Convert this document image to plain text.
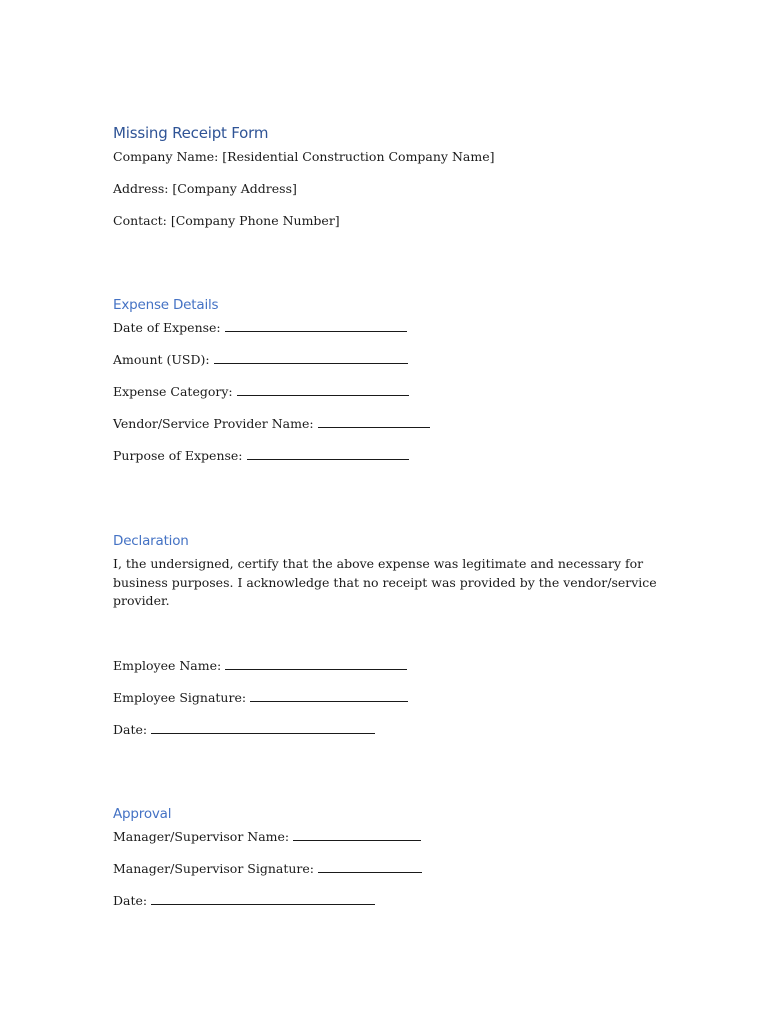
Missing Receipt Form

Company Name: [Residential Construction Company Name]

Address: [Company Address]

Contact: [Company Phone Number]

Expense Details

Date of Expense:

Amount (USD):

Expense Category:

Vendor/Service Provider Name:

Purpose of Expense:

Declaration

I, the undersigned, certify that the above expense was legitimate and necessary for business purposes. I acknowledge that no receipt was provided by the vendor/service provider.

Employee Name:

Employee Signature:

Date:

Approval

Manager/Supervisor Name:

Manager/Supervisor Signature:

Date:
